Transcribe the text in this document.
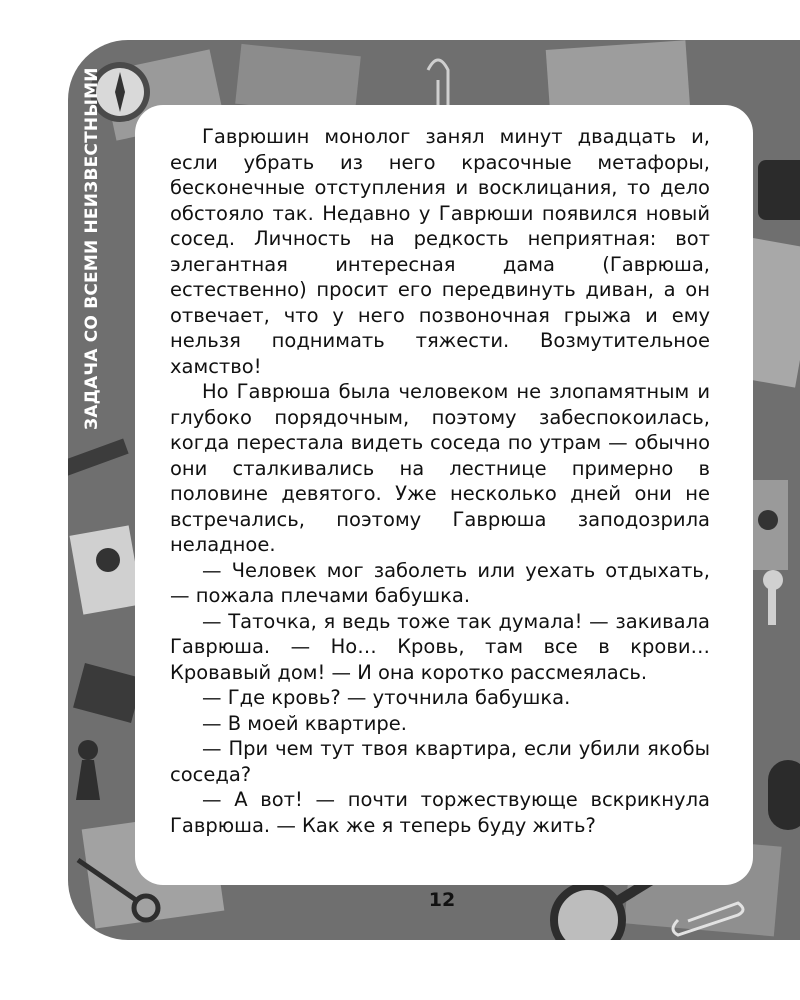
ЗАДАЧА СО ВСЕМИ НЕИЗВЕСТНЫМИ	Гаврюшин монолог занял минут двадцать и, если убрать из него красочные метафоры, бесконечные отступления и восклицания, то дело обстояло так. Недавно у Гаврюши появился новый сосед. Личность на редкость неприятная: вот элегантная интересная дама (Гаврюша, естественно) просит его передвинуть диван, а он отвечает, что у него позвоночная грыжа и ему нельзя поднимать тяжести. Возмутительное хамство!

Но Гаврюша была человеком не злопамятным и глубоко порядочным, поэтому забеспокоилась, когда перестала видеть соседа по утрам — обычно они сталкивались на лестнице примерно в половине девятого. Уже несколько дней они не встречались, поэтому Гаврюша заподозрила неладное.

— Человек мог заболеть или уехать отдыхать, — пожала плечами бабушка.

— Таточка, я ведь тоже так думала! — закивала Гаврюша. — Но… Кровь, там все в крови… Кровавый дом! — И она коротко рассмеялась.

— Где кровь? — уточнила бабушка.

— В моей квартире.

— При чем тут твоя квартира, если убили якобы соседа?

— А вот! — почти торжествующе вскрикнула Гаврюша. — Как же я теперь буду жить?

12
